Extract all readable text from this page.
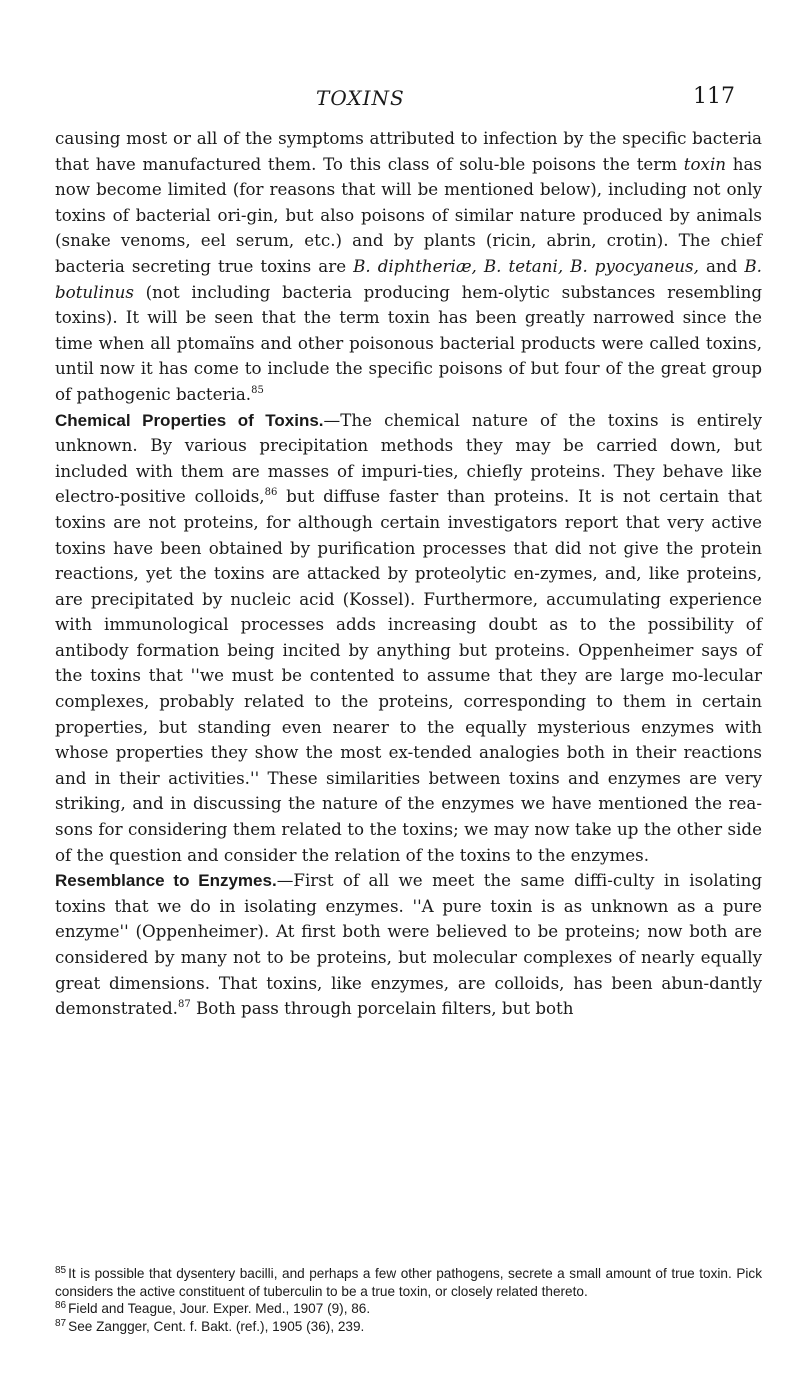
TOXINS	117

causing most or all of the symptoms attributed to infection by the specific bacteria that have manufactured them. To this class of solu-ble poisons the term toxin has now become limited (for reasons that will be mentioned below), including not only toxins of bacterial ori-gin, but also poisons of similar nature produced by animals (snake venoms, eel serum, etc.) and by plants (ricin, abrin, crotin). The chief bacteria secreting true toxins are B. diphtheriæ, B. tetani, B. pyocyaneus, and B. botulinus (not including bacteria producing hem-olytic substances resembling toxins). It will be seen that the term toxin has been greatly narrowed since the time when all ptomaïns and other poisonous bacterial products were called toxins, until now it has come to include the specific poisons of but four of the great group of pathogenic bacteria.$^{85}$

Chemical Properties of Toxins.—The chemical nature of the toxins is entirely unknown. By various precipitation methods they may be carried down, but included with them are masses of impuri-ties, chiefly proteins. They behave like electro-positive colloids,$^{86}$ but diffuse faster than proteins. It is not certain that toxins are not proteins, for although certain investigators report that very active toxins have been obtained by purification processes that did not give the protein reactions, yet the toxins are attacked by proteolytic en-zymes, and, like proteins, are precipitated by nucleic acid (Kossel). Furthermore, accumulating experience with immunological processes adds increasing doubt as to the possibility of antibody formation being incited by anything but proteins. Oppenheimer says of the toxins that ''we must be contented to assume that they are large mo-lecular complexes, probably related to the proteins, corresponding to them in certain properties, but standing even nearer to the equally mysterious enzymes with whose properties they show the most ex-tended analogies both in their reactions and in their activities.'' These similarities between toxins and enzymes are very striking, and in discussing the nature of the enzymes we have mentioned the rea-sons for considering them related to the toxins; we may now take up the other side of the question and consider the relation of the toxins to the enzymes.

Resemblance to Enzymes.—First of all we meet the same diffi-culty in isolating toxins that we do in isolating enzymes. ''A pure toxin is as unknown as a pure enzyme'' (Oppenheimer). At first both were believed to be proteins; now both are considered by many not to be proteins, but molecular complexes of nearly equally great dimensions. That toxins, like enzymes, are colloids, has been abun-dantly demonstrated.$^{87}$ Both pass through porcelain filters, but both

$^{85}$ It is possible that dysentery bacilli, and perhaps a few other pathogens, secrete a small amount of true toxin. Pick considers the active constituent of tuberculin to be a true toxin, or closely related thereto.

$^{86}$ Field and Teague, Jour. Exper. Med., 1907 (9), 86.

$^{87}$ See Zangger, Cent. f. Bakt. (ref.), 1905 (36), 239.
